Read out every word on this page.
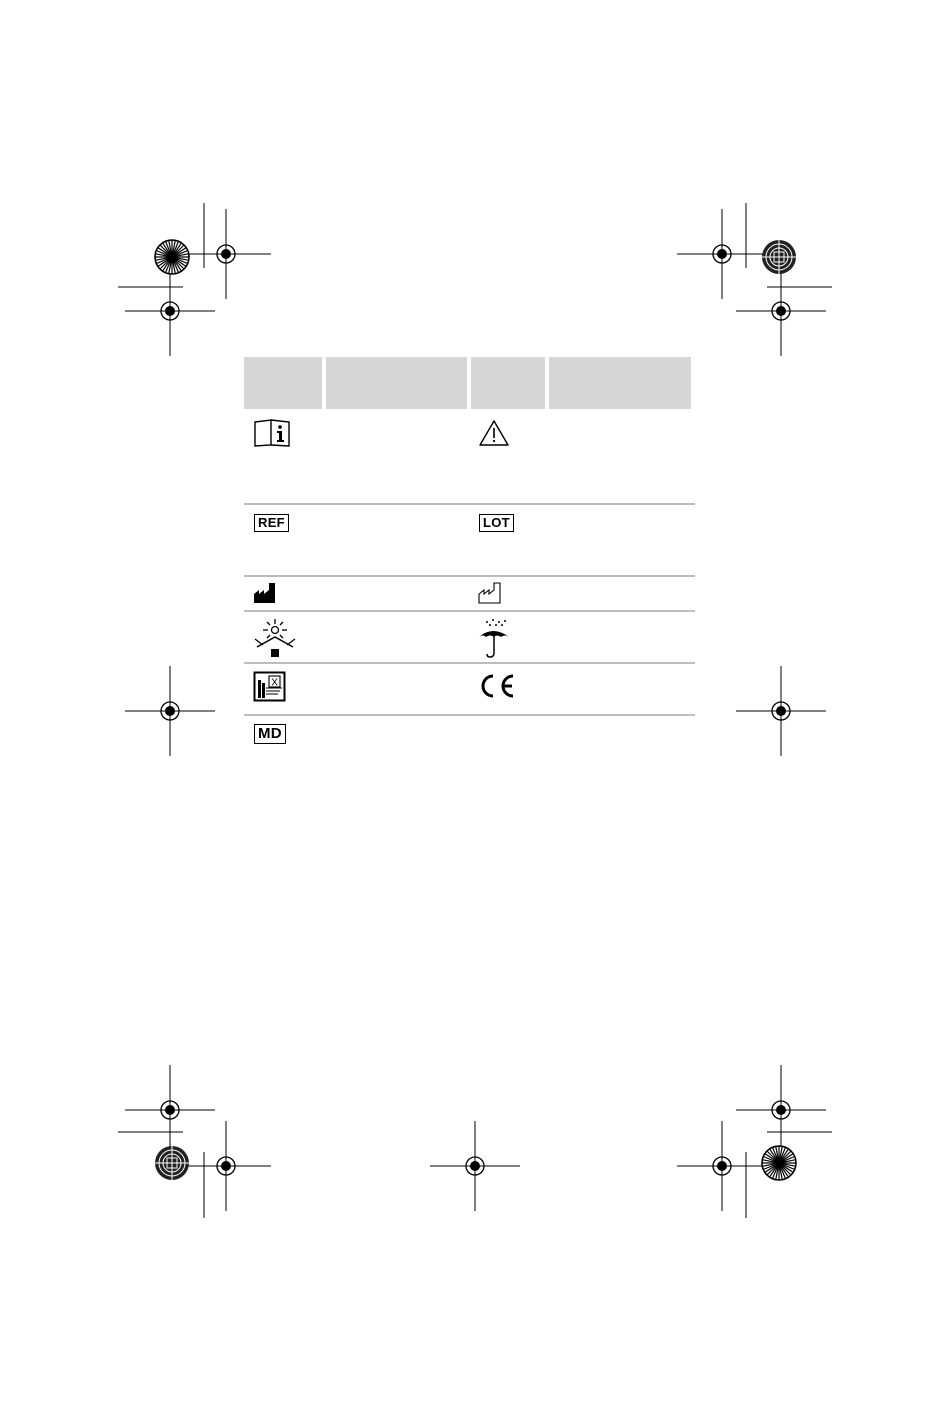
REF	LOT
X
MD
